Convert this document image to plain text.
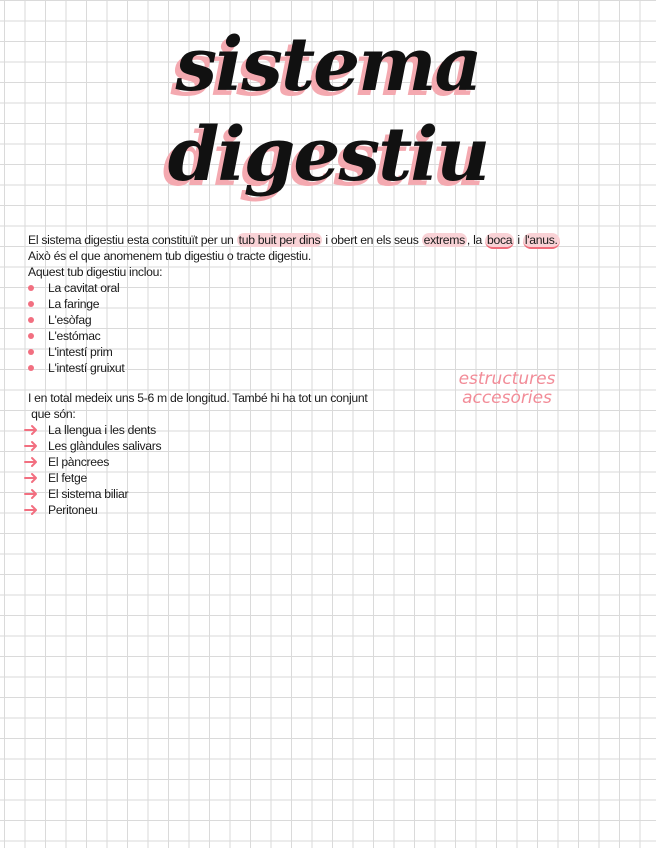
sistema
digestiu
El sistema digestiu esta constituït per un tub buit per dins i obert en els seus extrems , la boca i l'anus.
Això és el que anomenem tub digestiu o tracte digestiu.
Aquest tub digestiu inclou:
La cavitat oral
La faringe
L'esòfag
L'estómac
L'intestí prim
L'intestí gruixut
I en total medeix uns 5-6 m de longitud. També hi ha tot un conjunt
que són:
La llengua i les dents
Les glàndules salivars
El pàncrees
El fetge
El sistema biliar
Peritoneu
estructures
accesòries
